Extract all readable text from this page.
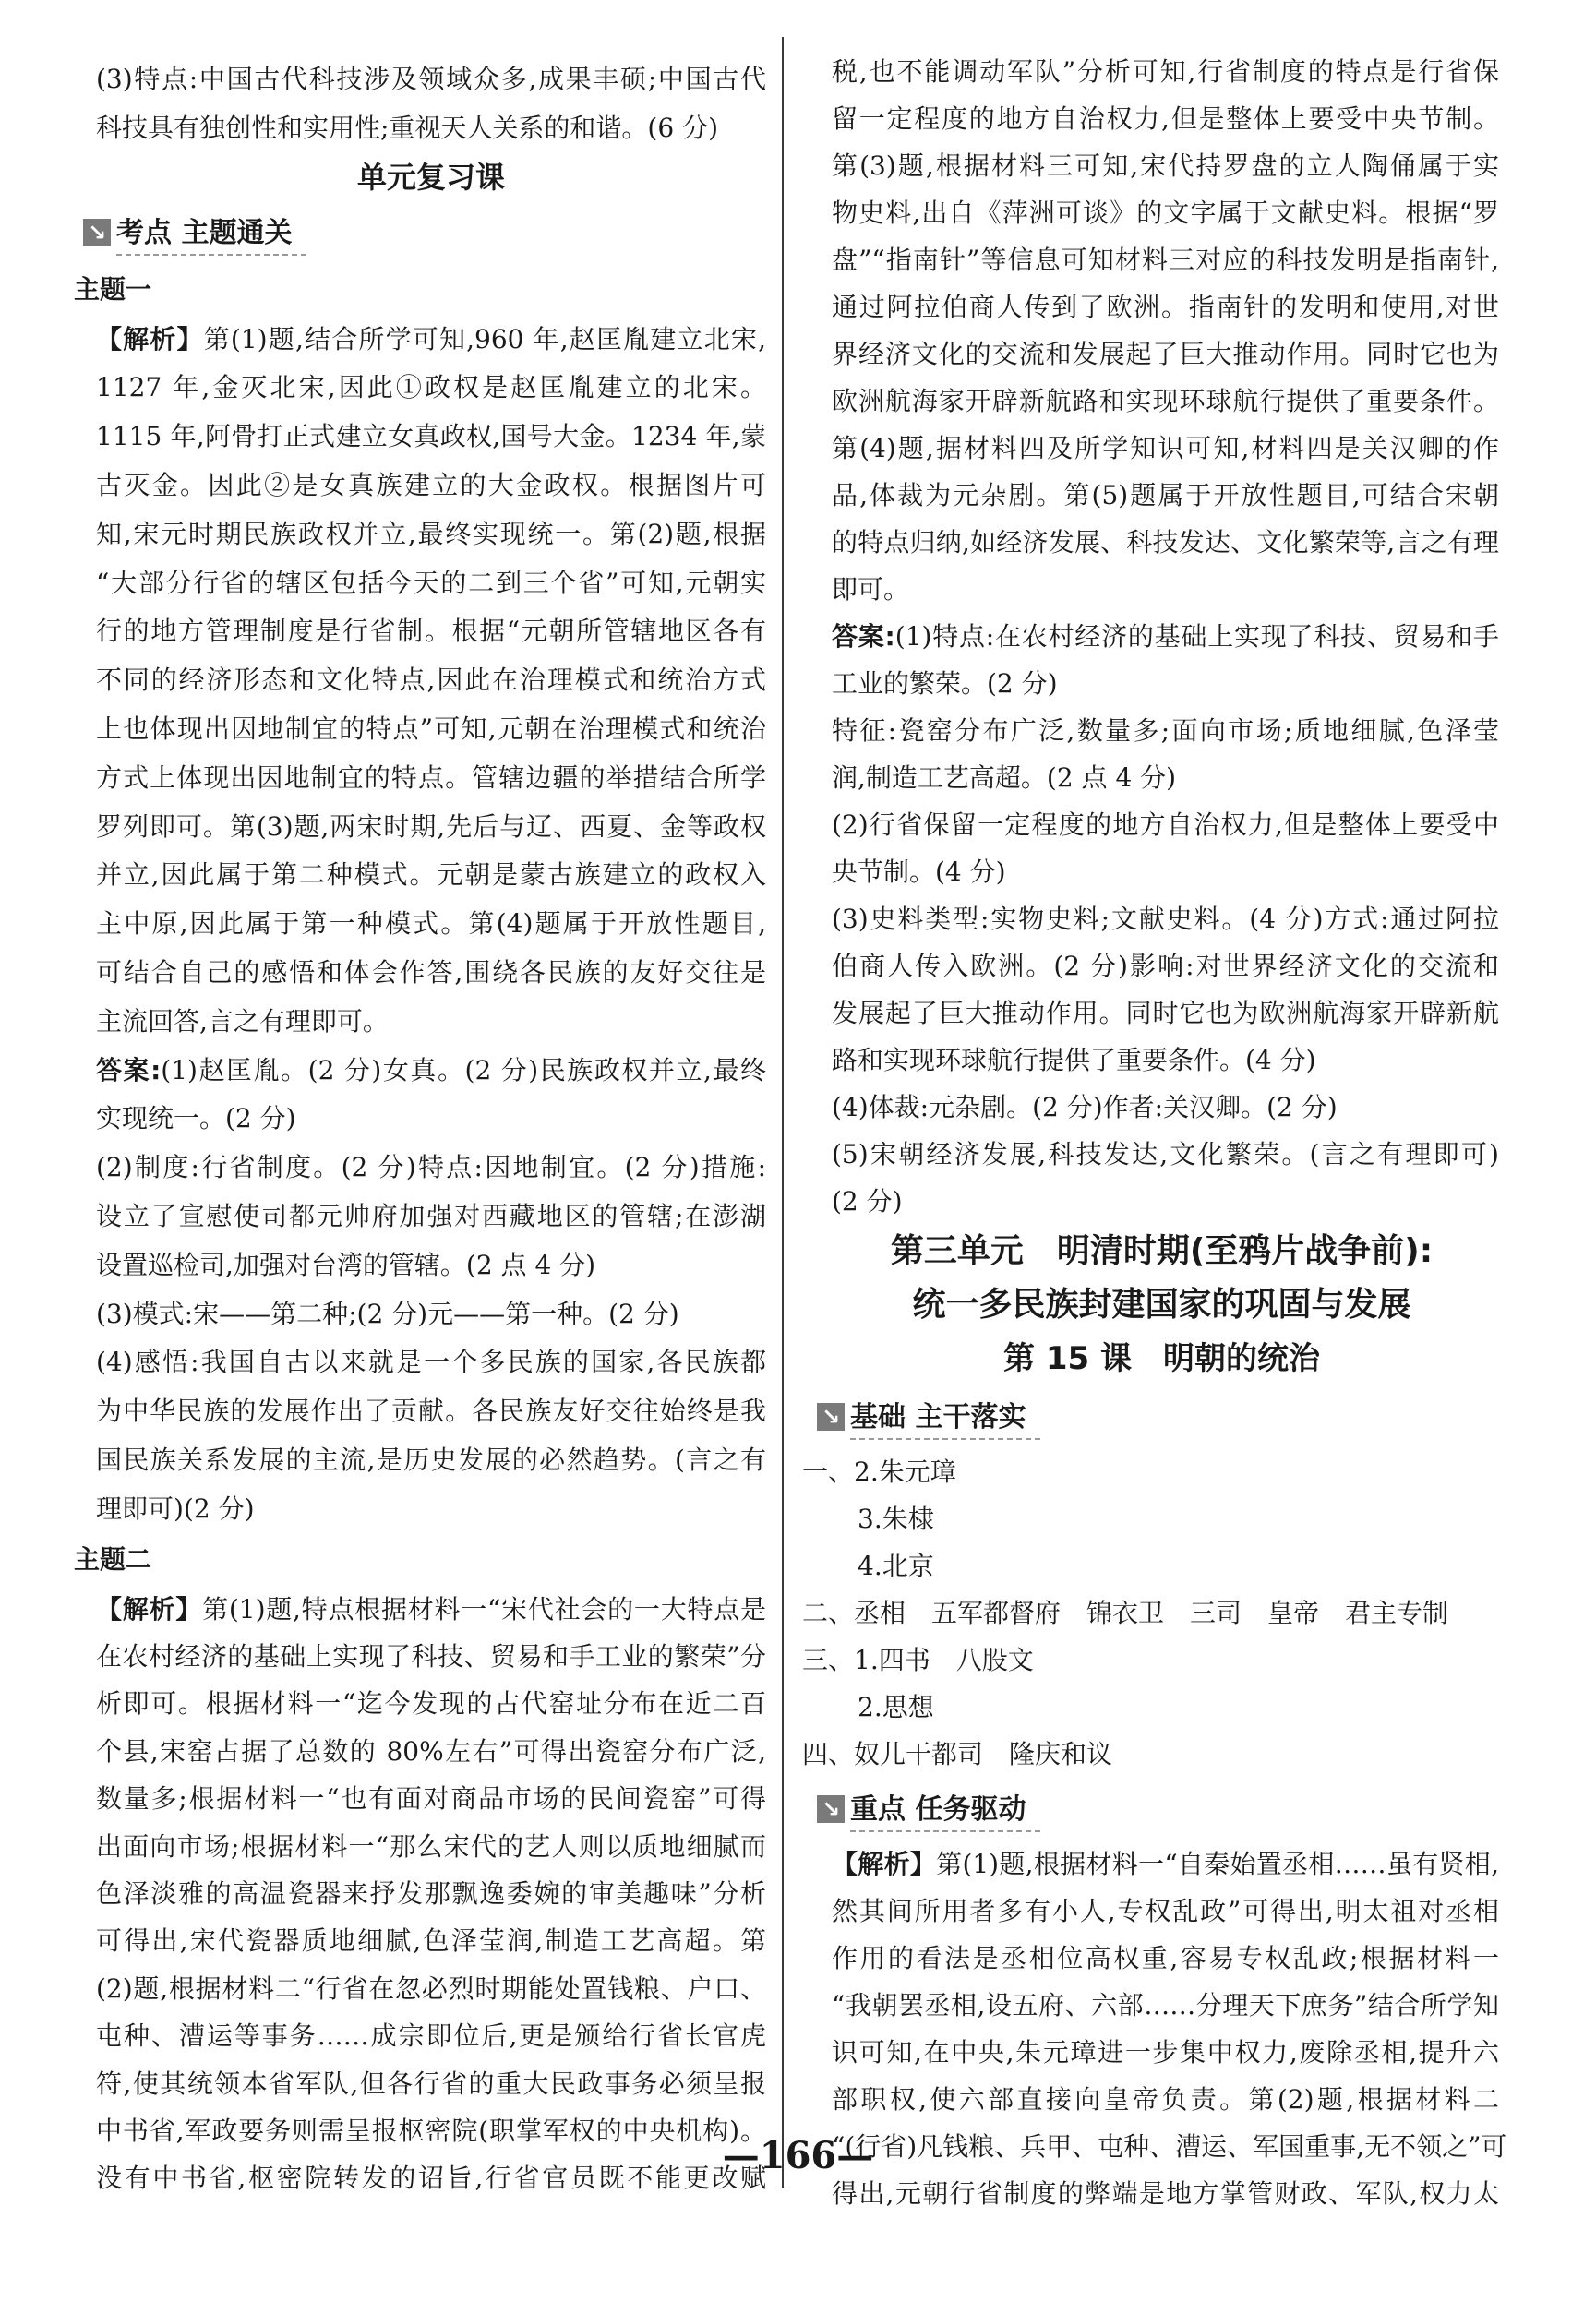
(3)特点:中国古代科技涉及领域众多,成果丰硕;中国古代
科技具有独创性和实用性;重视天人关系的和谐。(6 分)
单元复习课
↘ 考点 主题通关
主题一
【解析】第(1)题,结合所学可知,960 年,赵匡胤建立北宋,
1127 年,金灭北宋,因此①政权是赵匡胤建立的北宋。
1115 年,阿骨打正式建立女真政权,国号大金。1234 年,蒙
古灭金。因此②是女真族建立的大金政权。根据图片可
知,宋元时期民族政权并立,最终实现统一。第(2)题,根据
“大部分行省的辖区包括今天的二到三个省”可知,元朝实
行的地方管理制度是行省制。根据“元朝所管辖地区各有
不同的经济形态和文化特点,因此在治理模式和统治方式
上也体现出因地制宜的特点”可知,元朝在治理模式和统治
方式上体现出因地制宜的特点。管辖边疆的举措结合所学
罗列即可。第(3)题,两宋时期,先后与辽、西夏、金等政权
并立,因此属于第二种模式。元朝是蒙古族建立的政权入
主中原,因此属于第一种模式。第(4)题属于开放性题目,
可结合自己的感悟和体会作答,围绕各民族的友好交往是
主流回答,言之有理即可。
答案:(1)赵匡胤。(2 分)女真。(2 分)民族政权并立,最终
实现统一。(2 分)
(2)制度:行省制度。(2 分)特点:因地制宜。(2 分)措施:
设立了宣慰使司都元帅府加强对西藏地区的管辖;在澎湖
设置巡检司,加强对台湾的管辖。(2 点 4 分)
(3)模式:宋——第二种;(2 分)元——第一种。(2 分)
(4)感悟:我国自古以来就是一个多民族的国家,各民族都
为中华民族的发展作出了贡献。各民族友好交往始终是我
国民族关系发展的主流,是历史发展的必然趋势。(言之有
理即可)(2 分)
主题二
【解析】第(1)题,特点根据材料一“宋代社会的一大特点是
在农村经济的基础上实现了科技、贸易和手工业的繁荣”分
析即可。根据材料一“迄今发现的古代窑址分布在近二百
个县,宋窑占据了总数的 80%左右”可得出瓷窑分布广泛,
数量多;根据材料一“也有面对商品市场的民间瓷窑”可得
出面向市场;根据材料一“那么宋代的艺人则以质地细腻而
色泽淡雅的高温瓷器来抒发那飘逸委婉的审美趣味”分析
可得出,宋代瓷器质地细腻,色泽莹润,制造工艺高超。第
(2)题,根据材料二“行省在忽必烈时期能处置钱粮、户口、
屯种、漕运等事务……成宗即位后,更是颁给行省长官虎
符,使其统领本省军队,但各行省的重大民政事务必须呈报
中书省,军政要务则需呈报枢密院(职掌军权的中央机构)。
没有中书省,枢密院转发的诏旨,行省官员既不能更改赋
税,也不能调动军队”分析可知,行省制度的特点是行省保
留一定程度的地方自治权力,但是整体上要受中央节制。
第(3)题,根据材料三可知,宋代持罗盘的立人陶俑属于实
物史料,出自《萍洲可谈》的文字属于文献史料。根据“罗
盘”“指南针”等信息可知材料三对应的科技发明是指南针,
通过阿拉伯商人传到了欧洲。指南针的发明和使用,对世
界经济文化的交流和发展起了巨大推动作用。同时它也为
欧洲航海家开辟新航路和实现环球航行提供了重要条件。
第(4)题,据材料四及所学知识可知,材料四是关汉卿的作
品,体裁为元杂剧。第(5)题属于开放性题目,可结合宋朝
的特点归纳,如经济发展、科技发达、文化繁荣等,言之有理
即可。
答案:(1)特点:在农村经济的基础上实现了科技、贸易和手
工业的繁荣。(2 分)
特征:瓷窑分布广泛,数量多;面向市场;质地细腻,色泽莹
润,制造工艺高超。(2 点 4 分)
(2)行省保留一定程度的地方自治权力,但是整体上要受中
央节制。(4 分)
(3)史料类型:实物史料;文献史料。(4 分)方式:通过阿拉
伯商人传入欧洲。(2 分)影响:对世界经济文化的交流和
发展起了巨大推动作用。同时它也为欧洲航海家开辟新航
路和实现环球航行提供了重要条件。(4 分)
(4)体裁:元杂剧。(2 分)作者:关汉卿。(2 分)
(5)宋朝经济发展,科技发达,文化繁荣。(言之有理即可)
(2 分)
第三单元　明清时期(至鸦片战争前):
统一多民族封建国家的巩固与发展
第 15 课　明朝的统治
↘ 基础 主干落实
一、2.朱元璋
3.朱棣
4.北京
二、丞相　五军都督府　锦衣卫　三司　皇帝　君主专制
三、1.四书　八股文
2.思想
四、奴儿干都司　隆庆和议
↘ 重点 任务驱动
【解析】第(1)题,根据材料一“自秦始置丞相……虽有贤相,
然其间所用者多有小人,专权乱政”可得出,明太祖对丞相
作用的看法是丞相位高权重,容易专权乱政;根据材料一
“我朝罢丞相,设五府、六部……分理天下庶务”结合所学知
识可知,在中央,朱元璋进一步集中权力,废除丞相,提升六
部职权,使六部直接向皇帝负责。第(2)题,根据材料二
“(行省)凡钱粮、兵甲、屯种、漕运、军国重事,无不领之”可
得出,元朝行省制度的弊端是地方掌管财政、军队,权力太
—166—
